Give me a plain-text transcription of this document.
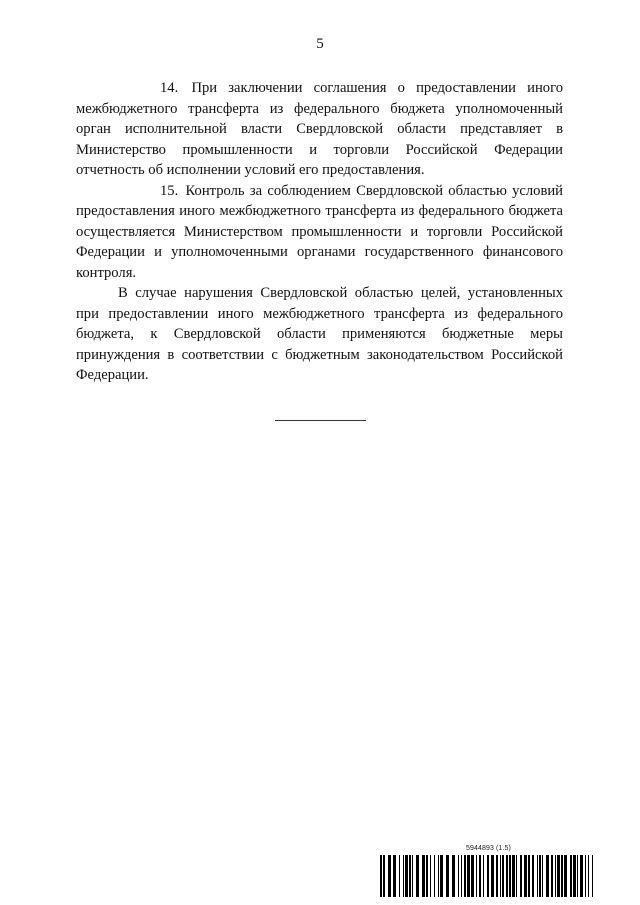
5

14. При заключении соглашения о предоставлении иного межбюджетного трансферта из федерального бюджета уполномоченный орган исполнительной власти Свердловской области представляет в Министерство промышленности и торговли Российской Федерации отчетность об исполнении условий его предоставления.

15. Контроль за соблюдением Свердловской областью условий предоставления иного межбюджетного трансферта из федерального бюджета осуществляется Министерством промышленности и торговли Российской Федерации и уполномоченными органами государственного финансового контроля.

В случае нарушения Свердловской областью целей, установленных при предоставлении иного межбюджетного трансферта из федерального бюджета, к Свердловской области применяются бюджетные меры принуждения в соответствии с бюджетным законодательством Российской Федерации.

5944893 (1.5)
